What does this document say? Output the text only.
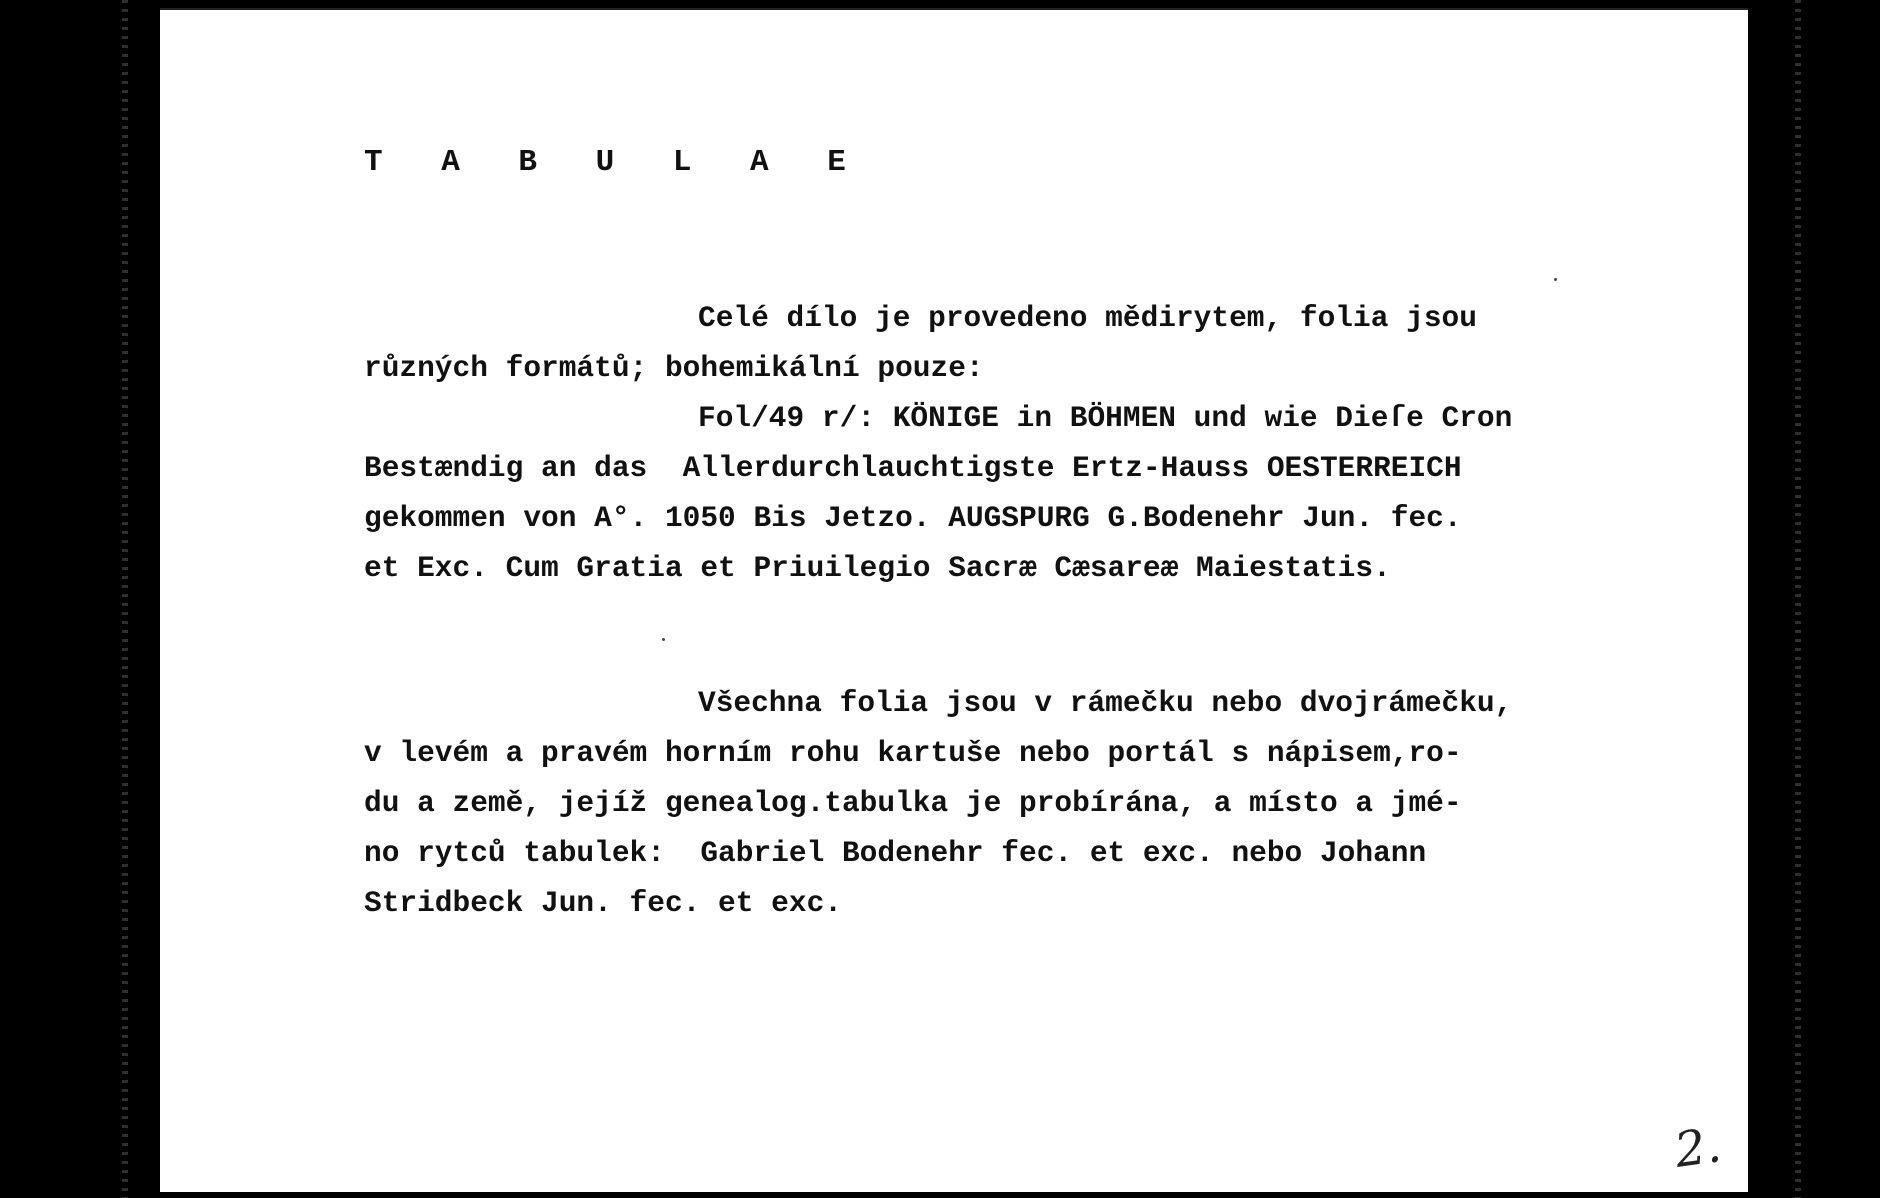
T A B U L A E
Celé dílo je provedeno mědirytem, folia jsou
různých formátů; bohemikální pouze:
Fol/49 r/: KÖNIGE in BÖHMEN und wie Dieſe Cron
Bestændig an das  Allerdurchlauchtigste Ertz-Hauss OESTERREICH
gekommen von A°. 1050 Bis Jetzo. AUGSPURG G.Bodenehr Jun. fec.
et Exc. Cum Gratia et Priuilegio Sacræ Cæsareæ Maiestatis.
Všechna folia jsou v rámečku nebo dvojrámečku,
v levém a pravém horním rohu kartuše nebo portál s nápisem,ro-
du a země, jejíž genealog.tabulka je probírána, a místo a jmé-
no rytců tabulek:  Gabriel Bodenehr fec. et exc. nebo Johann
Stridbeck Jun. fec. et exc.
2.
